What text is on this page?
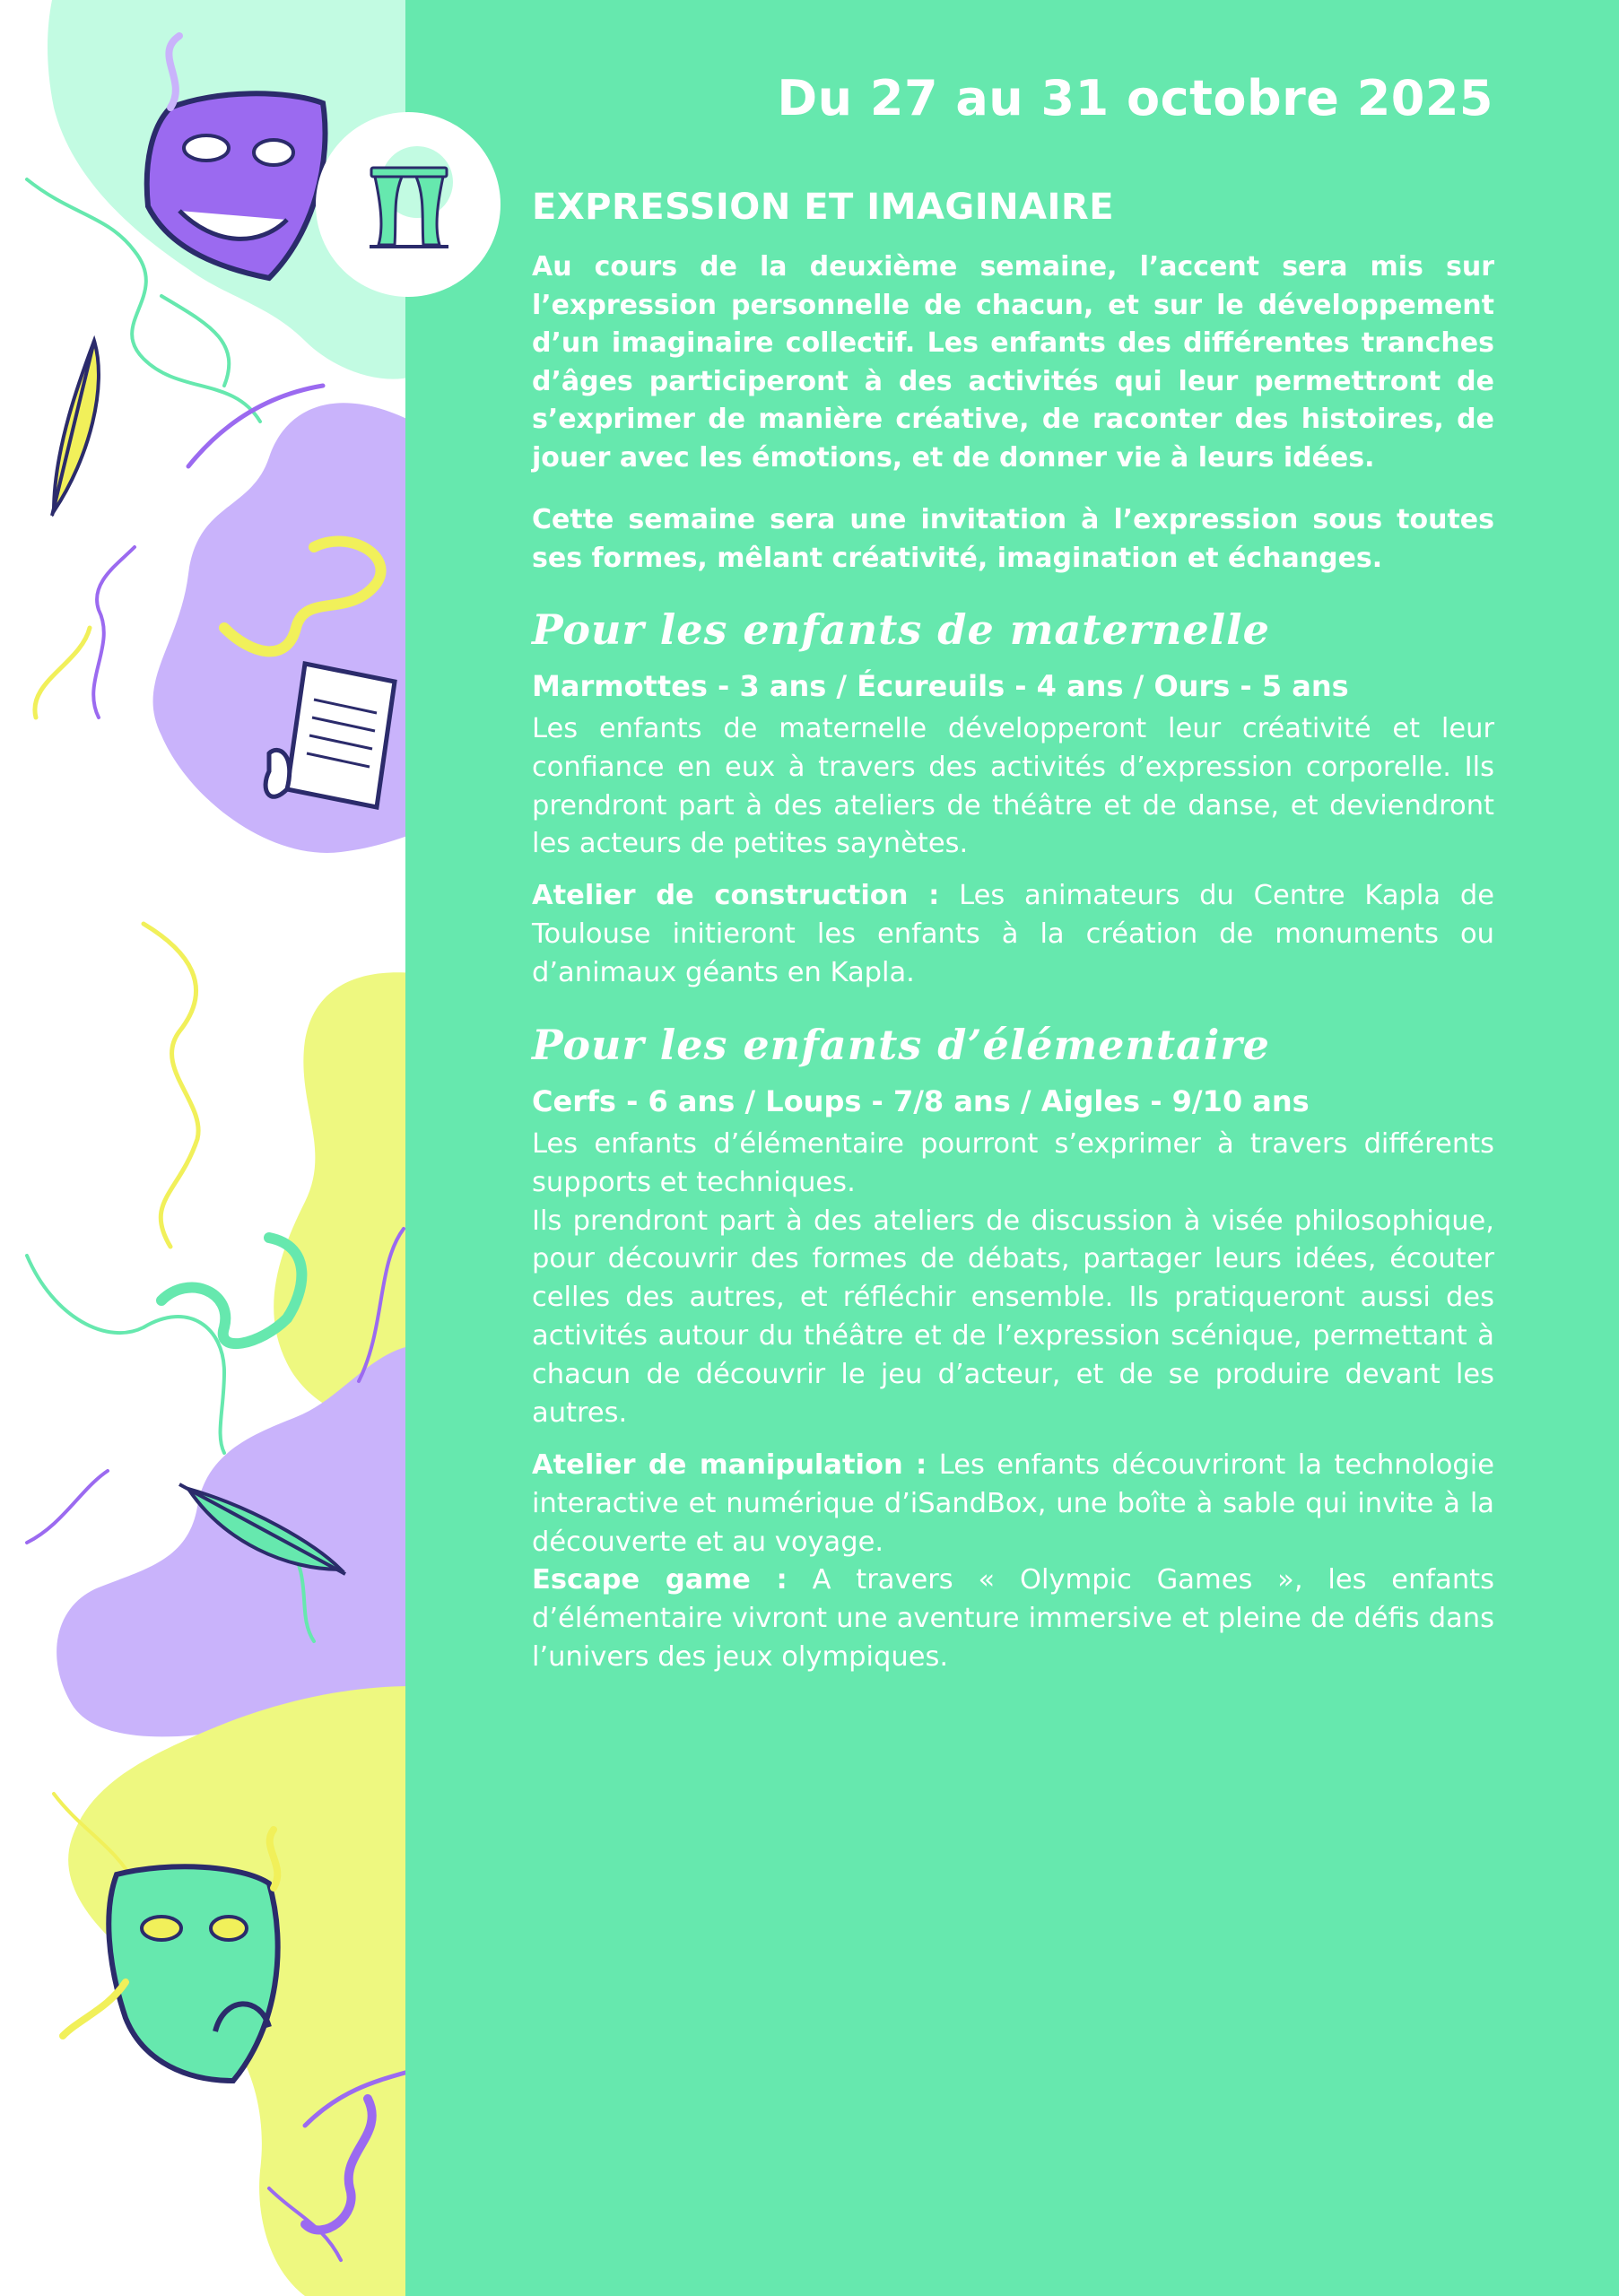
Du 27 au 31 octobre 2025
EXPRESSION ET IMAGINAIRE

Au cours de la deuxième semaine, l’accent sera mis sur l’expression personnelle de chacun, et sur le développement d’un imaginaire collectif. Les enfants des différentes tranches d’âges participeront à des activités qui leur permettront de s’exprimer de manière créative, de raconter des histoires, de jouer avec les émotions, et de donner vie à leurs idées.

Cette semaine sera une invitation à l’expression sous toutes ses formes, mêlant créativité, imagination et échanges.

Pour les enfants de maternelle

Marmottes - 3 ans / Écureuils - 4 ans / Ours - 5 ans

Les enfants de maternelle développeront leur créativité et leur confiance en eux à travers des activités d’expression corporelle. Ils prendront part à des ateliers de théâtre et de danse, et deviendront les acteurs de petites saynètes.

Atelier de construction : Les animateurs du Centre Kapla de Toulouse initieront les enfants à la création de monuments ou d’animaux géants en Kapla.

Pour les enfants d’élémentaire

Cerfs - 6 ans / Loups - 7/8 ans / Aigles - 9/10 ans

Les enfants d’élémentaire pourront s’exprimer à travers différents supports et techniques.
Ils prendront part à des ateliers de discussion à visée philosophique, pour découvrir des formes de débats, partager leurs idées, écouter celles des autres, et réfléchir ensemble. Ils pratiqueront aussi des activités autour du théâtre et de l’expression scénique, permettant à chacun de découvrir le jeu d’acteur, et de se produire devant les autres.

Atelier de manipulation : Les enfants découvriront la technologie interactive et numérique d’iSandBox, une boîte à sable qui invite à la découverte et au voyage.

Escape game : A travers « Olympic Games », les enfants d’élémentaire vivront une aventure immersive et pleine de défis dans l’univers des jeux olympiques.
